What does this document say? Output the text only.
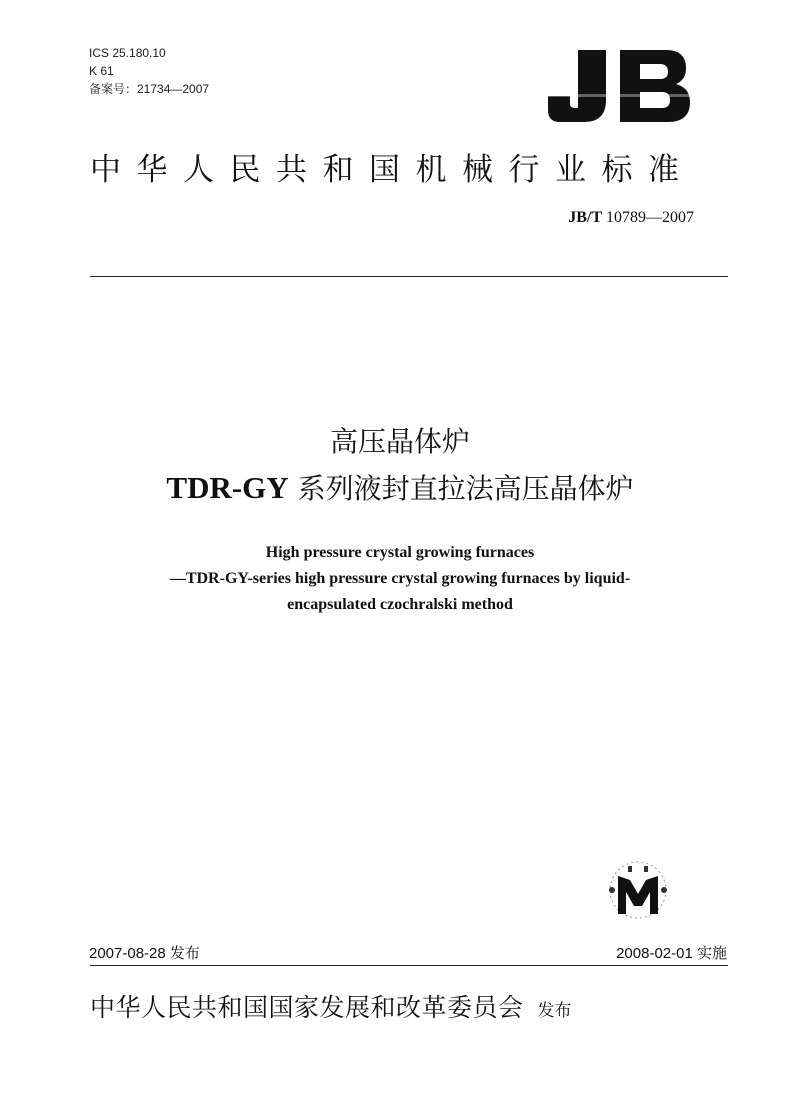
ICS 25.180.10
K 61
备案号：21734—2007
中华人民共和国机械行业标准
JB/T 10789—2007
高压晶体炉
TDR-GY 系列液封直拉法高压晶体炉
High pressure crystal growing furnaces
—TDR-GY-series high pressure crystal growing furnaces by liquid-
encapsulated czochralski method
2007-08-28 发布	2008-02-01 实施
中华人民共和国国家发展和改革委员会 发布
